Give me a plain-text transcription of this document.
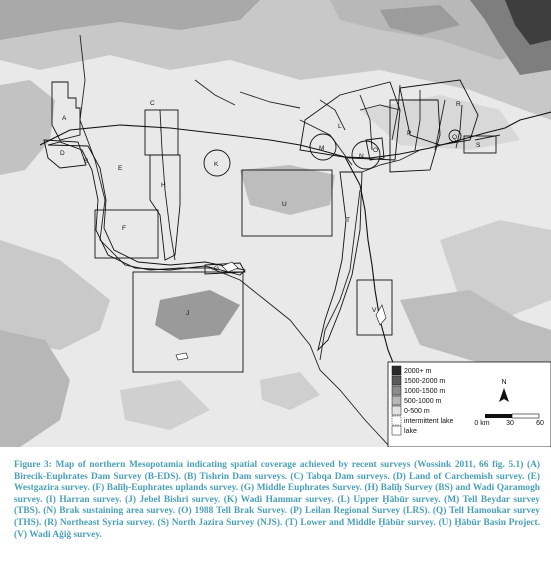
A
B
C
D
E
F
G
H
I
J
K
L
M
N
O
P
Q
R
S
T
U
V
2000+ m
1500-2000 m
1000-1500 m
500-1000 m
0-500 m
intermittent lake
lake
N
0 km 30	60
Figure 3: Map of northern Mesopotamia indicating spatial coverage achieved by recent surveys (Wossink 2011, 66 fig. 5.1) (A) Birecik-Euphrates Dam Survey (B-EDS). (B) Tishrin Dam surveys. (C) Tabqa Dam surveys. (D) Land of Carchemish survey. (E) Westgazira survey. (F) Balīḫ-Euphrates uplands survey. (G) Middle Euphrates Survey. (H) Balīḫ Survey (BS) and Wadi Qaramogh survey. (I) Harran survey. (J) Jebel Bishri survey. (K) Wadi Hammar survey. (L) Upper Ḫābūr survey. (M) Tell Beydar survey (TBS). (N) Brak sustaining area survey. (O) 1988 Tell Brak Survey. (P) Leilan Regional Survey (LRS). (Q) Tell Hamoukar survey (THS). (R) Northeast Syria survey. (S) North Jazira Survey (NJS). (T) Lower and Middle Ḫābūr survey. (U) Ḫābūr Basin Project. (V) Wadi Aǧiǧ survey.
